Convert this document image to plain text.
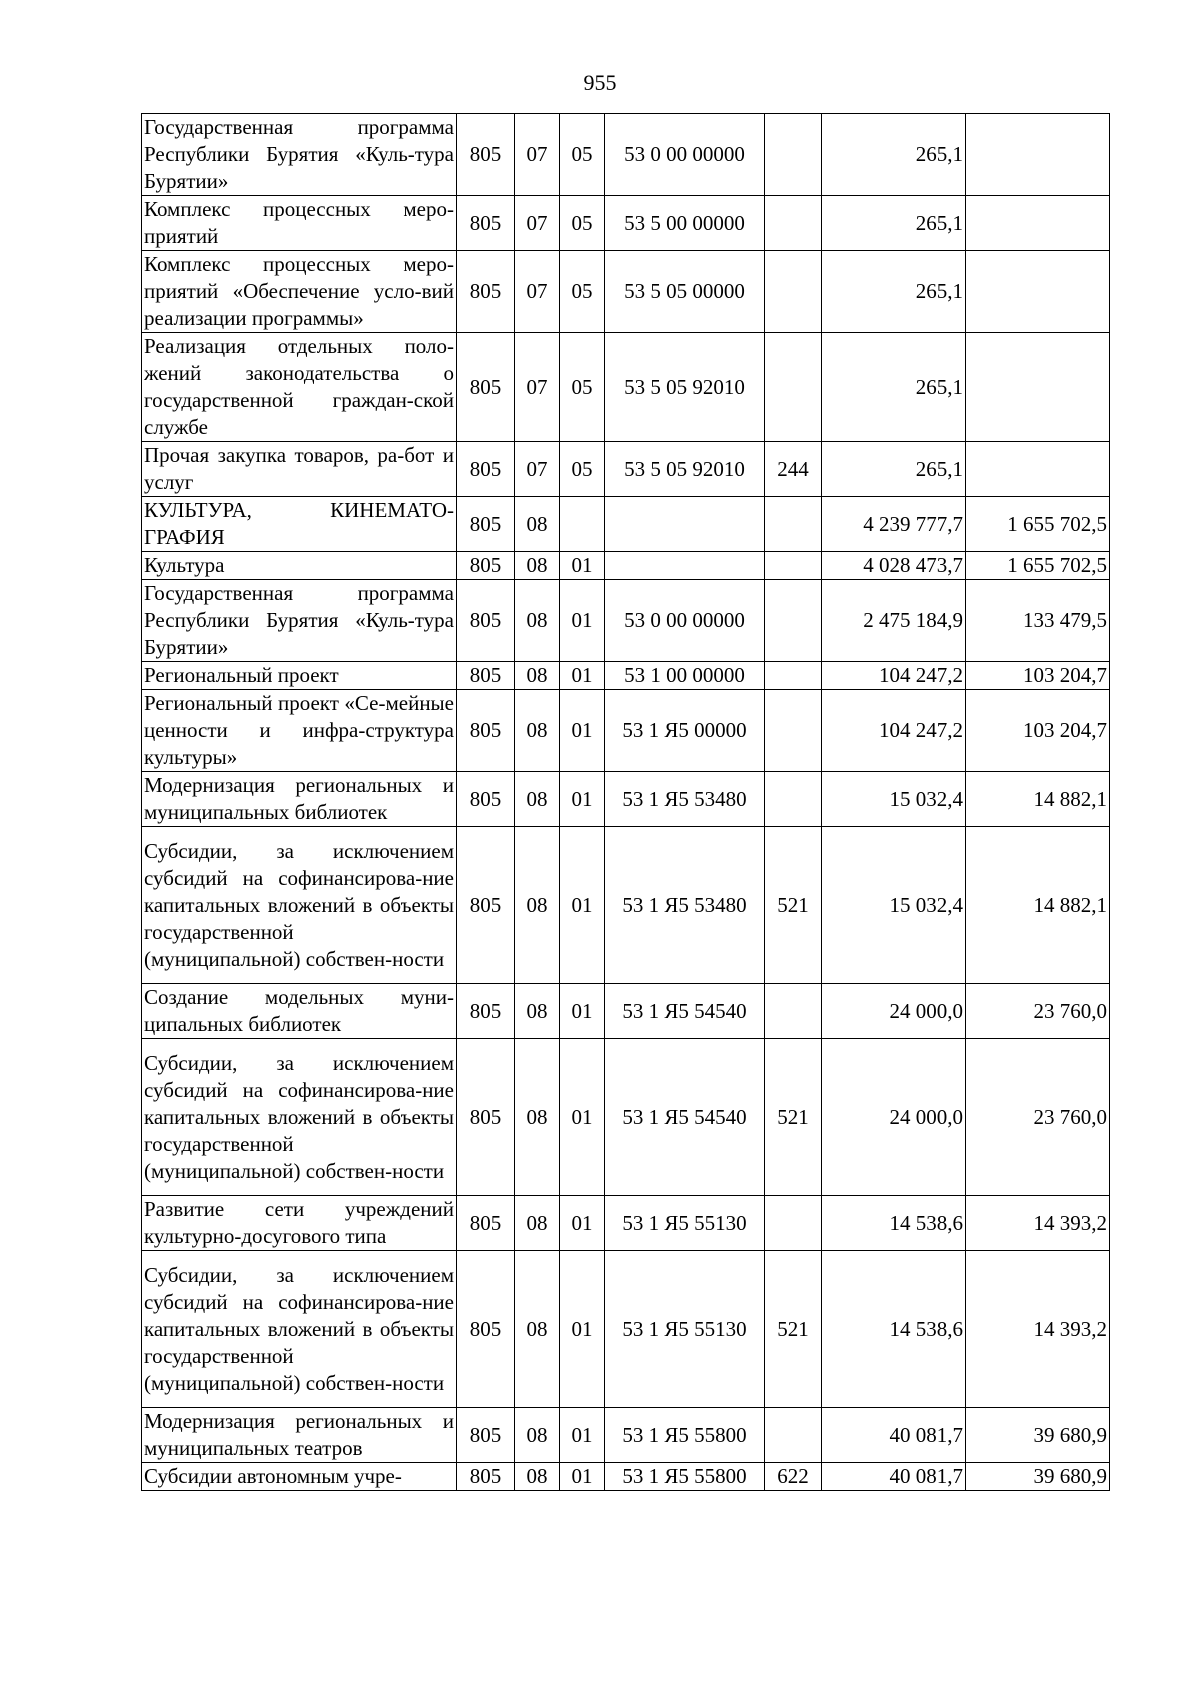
955
Государственная программа Республики Бурятия «Куль-тура Бурятии»	805	07	05	53 0 00 00000		265,1	
Комплекс процессных меро-приятий	805	07	05	53 5 00 00000		265,1	
Комплекс процессных меро-приятий «Обеспечение усло-вий реализации программы»	805	07	05	53 5 05 00000		265,1	
Реализация отдельных поло-жений законодательства о государственной граждан-ской службе	805	07	05	53 5 05 92010		265,1	
Прочая закупка товаров, ра-бот и услуг	805	07	05	53 5 05 92010	244	265,1	
КУЛЬТУРА, КИНЕМАТО-ГРАФИЯ	805	08				4 239 777,7	1 655 702,5
Культура	805	08	01			4 028 473,7	1 655 702,5
Государственная программа Республики Бурятия «Куль-тура Бурятии»	805	08	01	53 0 00 00000		2 475 184,9	133 479,5
Региональный проект	805	08	01	53 1 00 00000		104 247,2	103 204,7
Региональный проект «Се-мейные ценности и инфра-структура культуры»	805	08	01	53 1 Я5 00000		104 247,2	103 204,7
Модернизация региональных и муниципальных библиотек	805	08	01	53 1 Я5 53480		15 032,4	14 882,1
Субсидии, за исключением субсидий на софинансирова-ние капитальных вложений в объекты государственной (муниципальной) собствен-ности	805	08	01	53 1 Я5 53480	521	15 032,4	14 882,1
Создание модельных муни-ципальных библиотек	805	08	01	53 1 Я5 54540		24 000,0	23 760,0
Субсидии, за исключением субсидий на софинансирова-ние капитальных вложений в объекты государственной (муниципальной) собствен-ности	805	08	01	53 1 Я5 54540	521	24 000,0	23 760,0
Развитие сети учреждений культурно-досугового типа	805	08	01	53 1 Я5 55130		14 538,6	14 393,2
Субсидии, за исключением субсидий на софинансирова-ние капитальных вложений в объекты государственной (муниципальной) собствен-ности	805	08	01	53 1 Я5 55130	521	14 538,6	14 393,2
Модернизация региональных и муниципальных театров	805	08	01	53 1 Я5 55800		40 081,7	39 680,9
Субсидии автономным учре-	805	08	01	53 1 Я5 55800	622	40 081,7	39 680,9
